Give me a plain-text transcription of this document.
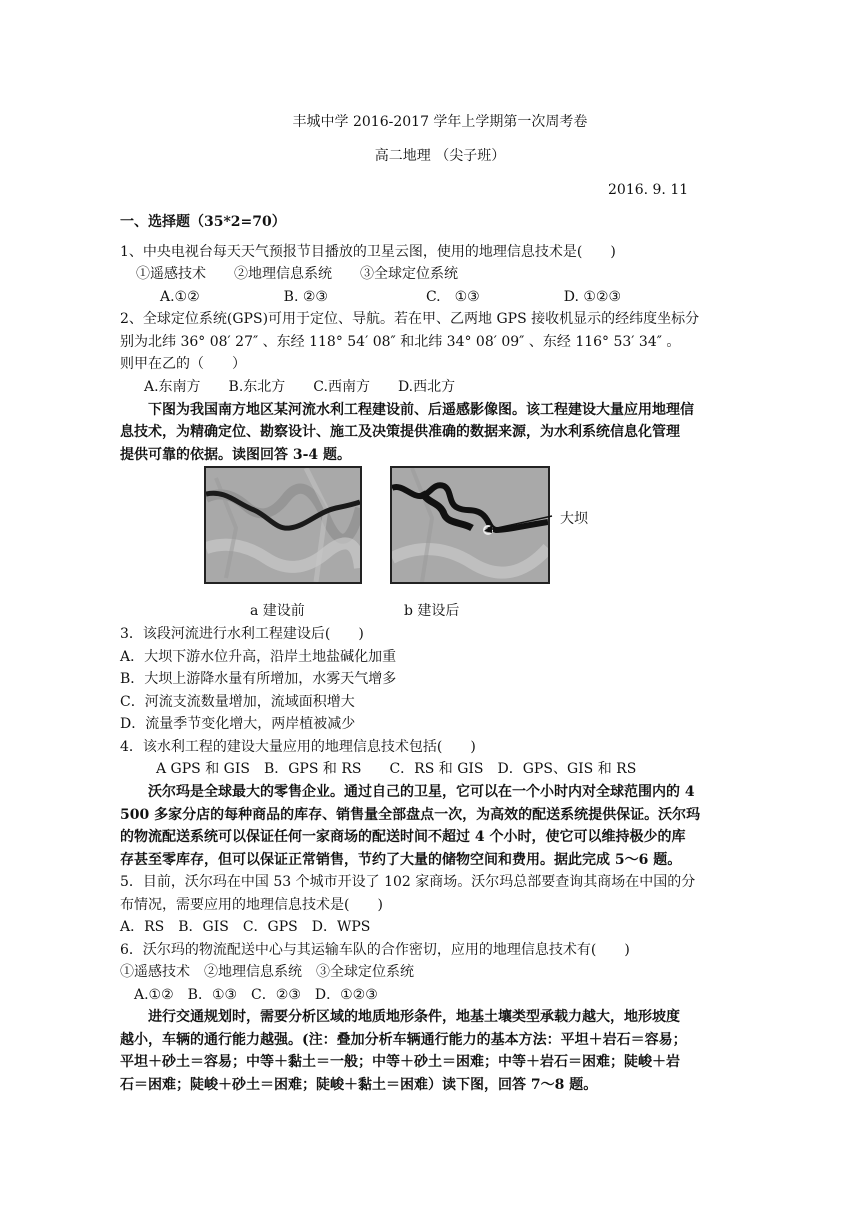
丰城中学 2016-2017 学年上学期第一次周考卷
高二地理 （尖子班）
2016. 9. 11
一、选择题（35*2=70）
1、中央电视台每天天气预报节目播放的卫星云图，使用的地理信息技术是(　　)
①遥感技术　　②地理信息系统　　③全球定位系统
A.①②　　　　　　B. ②③　　　　　　　C.　①③　　　　　　D. ①②③
2、全球定位系统(GPS)可用于定位、导航。若在甲、乙两地 GPS 接收机显示的经纬度坐标分
别为北纬 36° 08′ 27″ 、东经 118° 54′ 08″ 和北纬 34° 08′ 09″ 、东经 116° 53′ 34″ 。
则甲在乙的（　　）
A.东南方　　B.东北方　　C.西南方　　D.西北方
下图为我国南方地区某河流水利工程建设前、后遥感影像图。该工程建设大量应用地理信
息技术，为精确定位、勘察设计、施工及决策提供准确的数据来源，为水利系统信息化管理
提供可靠的依据。读图回答 3-4 题。
大坝
a 建设前	b 建设后
3．该段河流进行水利工程建设后(　　)
A．大坝下游水位升高，沿岸土地盐碱化加重
B．大坝上游降水量有所增加，水雾天气增多
C．河流支流数量增加，流域面积增大
D．流量季节变化增大，两岸植被减少
4．该水利工程的建设大量应用的地理信息技术包括(　　)
A GPS 和 GIS　B．GPS 和 RS　　C．RS 和 GIS　D．GPS、GIS 和 RS
沃尔玛是全球最大的零售企业。通过自己的卫星，它可以在一个小时内对全球范围内的 4
500 多家分店的每种商品的库存、销售量全部盘点一次，为高效的配送系统提供保证。沃尔玛
的物流配送系统可以保证任何一家商场的配送时间不超过 4 个小时，使它可以维持极少的库
存甚至零库存，但可以保证正常销售，节约了大量的储物空间和费用。据此完成 5～6 题。
5．目前，沃尔玛在中国 53 个城市开设了 102 家商场。沃尔玛总部要查询其商场在中国的分
布情况，需要应用的地理信息技术是(　　)
A．RS　B．GIS　C．GPS　D．WPS
6．沃尔玛的物流配送中心与其运输车队的合作密切，应用的地理信息技术有(　　)
①遥感技术　②地理信息系统　③全球定位系统
A.①②　B．①③　C．②③　D．①②③
进行交通规划时，需要分析区域的地质地形条件，地基土壤类型承载力越大，地形坡度
越小，车辆的通行能力越强。(注：叠加分析车辆通行能力的基本方法：平坦＋岩石＝容易；
平坦＋砂土＝容易；中等＋黏土＝一般；中等＋砂土＝困难；中等＋岩石＝困难；陡峻＋岩
石＝困难；陡峻＋砂土＝困难；陡峻＋黏土＝困难）读下图，回答 7～8 题。
